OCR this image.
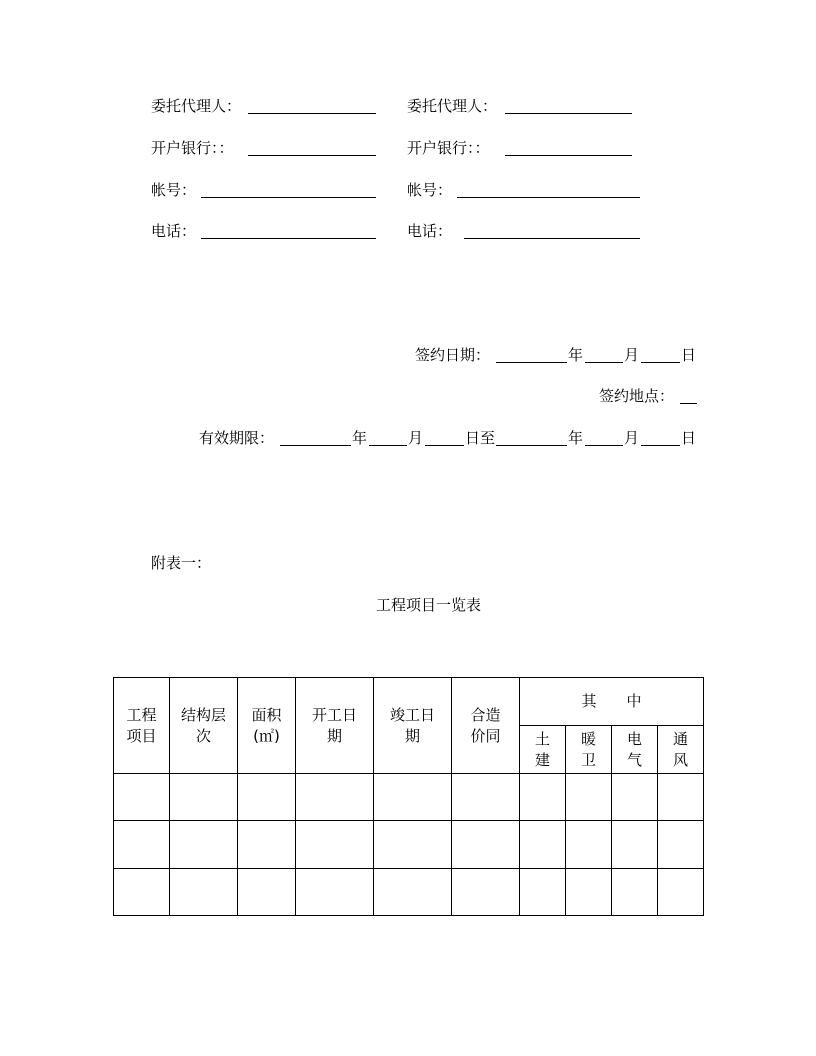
委托代理人：
开户银行：：
帐号：
电话：
委托代理人：
开户银行：：
帐号：
电话：
签约日期：	年	月	日
签约地点：
有效期限：	年	月	日至	年	月	日
附表一：
工程项目一览表
工程项目	结构层次	面积(㎡)	开工日期	竣工日期	合造价同	其　　中			

						土建	暖卫	电气	通风
